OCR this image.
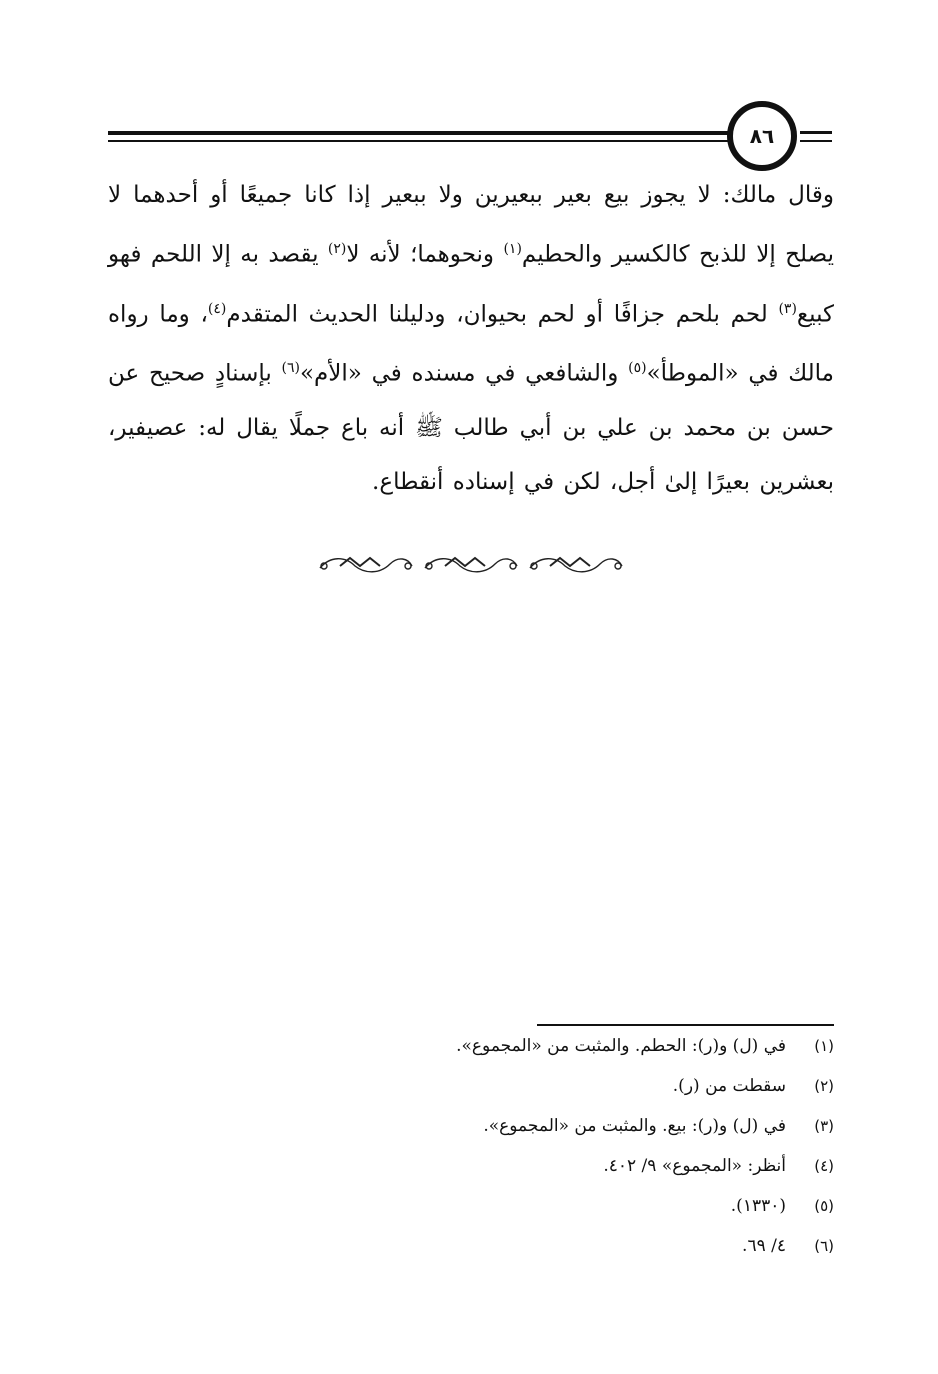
٨٦

وقال مالك: لا يجوز بيع بعير ببعيرين ولا ببعير إذا كانا جميعًا أو أحدهما لا يصلح إلا للذبح كالكسير والحطيم$^{(١)}$ ونحوهما؛ لأنه لا$^{(٢)}$ يقصد به إلا اللحم فهو كبيع$^{(٣)}$ لحم بلحم جزافًا أو لحم بحيوان، ودليلنا الحديث المتقدم$^{(٤)}$، وما رواه مالك في «الموطأ»$^{(٥)}$ والشافعي في مسنده في «الأم»$^{(٦)}$ بإسنادٍ صحيح عن حسن بن محمد بن علي بن أبي طالب ﷺ أنه باع جملًا يقال له: عصيفير، بعشرين بعيرًا إلىٰ أجل، لكن في إسناده أنقطاع.

(١)
في (ل) و(ر): الحطم. والمثبت من «المجموع».
(٢)
سقطت من (ر).
(٣)
في (ل) و(ر): بيع. والمثبت من «المجموع».
(٤)
أنظر: «المجموع» ٩/ ٤٠٢.
(٥)
(١٣٣٠).
(٦)
٤/ ٦٩.
